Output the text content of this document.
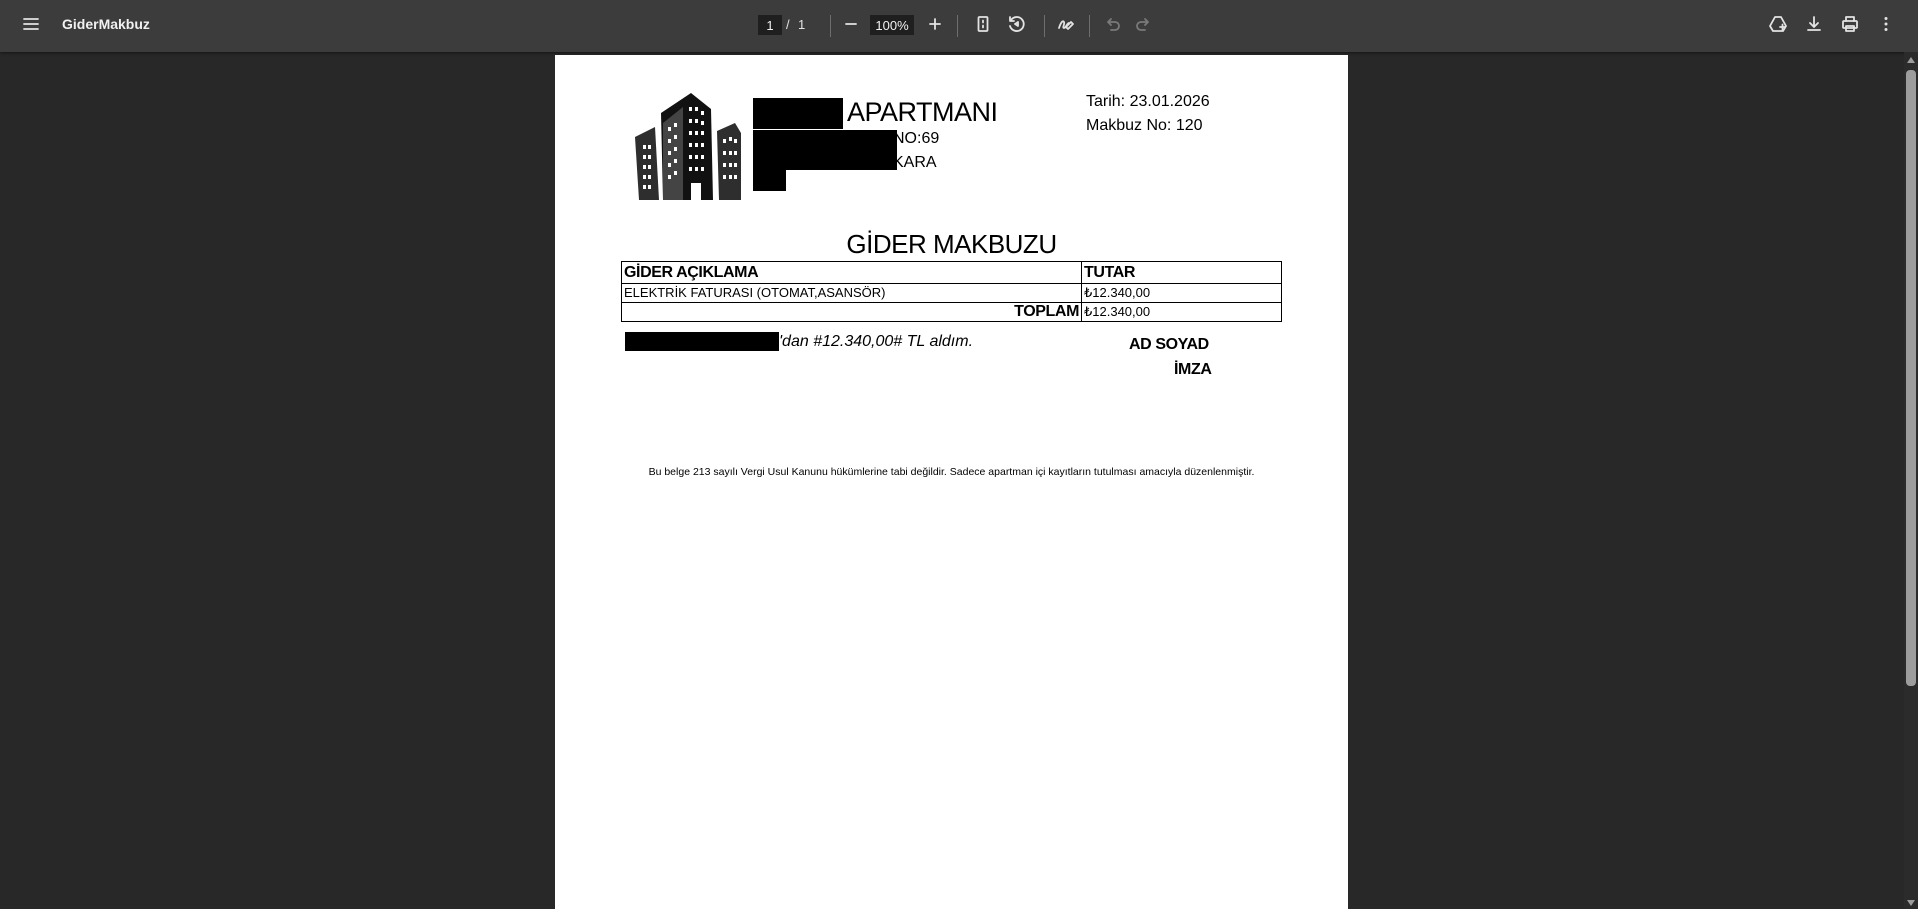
GiderMakbuz
1	/ 1
100%
APARTMANI
NO:69
KARA
Tarih: 23.01.2026
Makbuz No: 120
GİDER MAKBUZU
GİDER AÇIKLAMA	TUTAR
ELEKTRİK FATURASI (OTOMAT,ASANSÖR)	₺12.340,00
TOPLAM	₺12.340,00
'dan #12.340,00# TL aldım.	AD SOYAD
İMZA
Bu belge 213 sayılı Vergi Usul Kanunu hükümlerine tabi değildir. Sadece apartman içi kayıtların tutulması amacıyla düzenlenmiştir.
